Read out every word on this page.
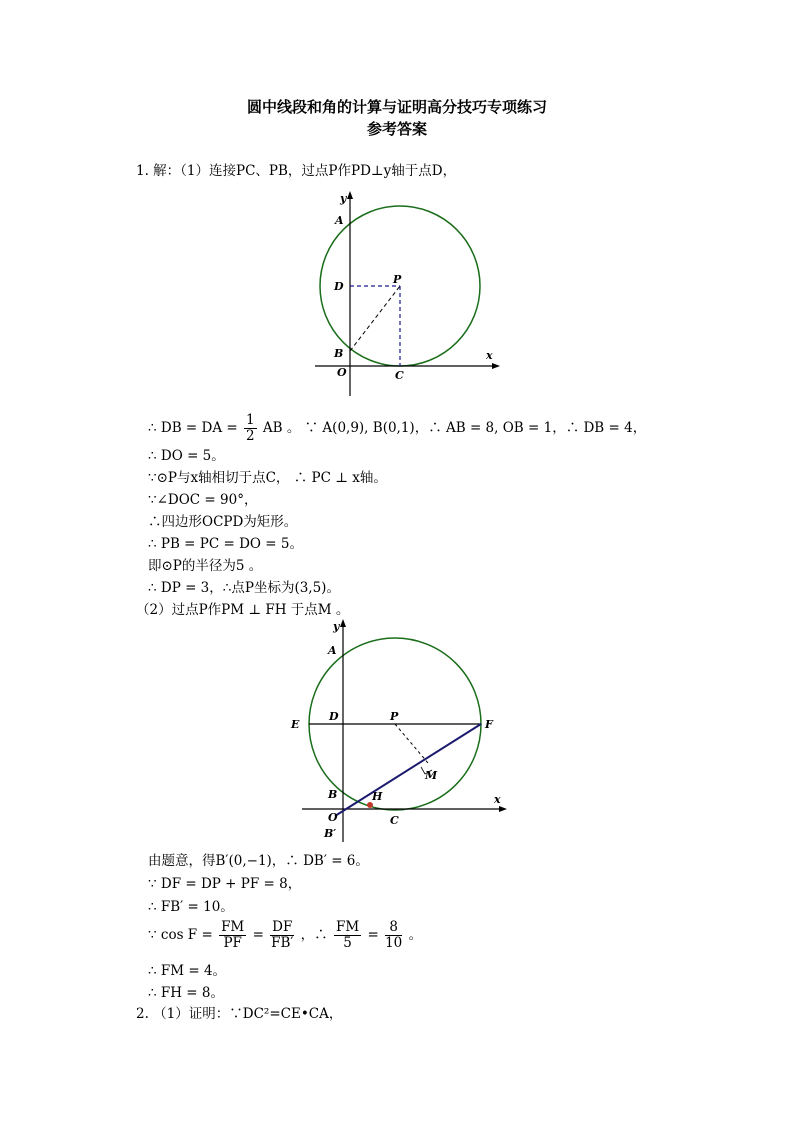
圆中线段和角的计算与证明高分技巧专项练习
参考答案
1. 解：（1）连接PC、PB，过点P作PD⊥y轴于点D，
y
x
A
D
P
B
O	C
∴ DB = DA = $\frac{1}{2}$ AB 。 ∵ A(0,9), B(0,1)，∴ AB = 8, OB = 1，∴ DB = 4，
∴ DO = 5。
∵⊙P与x轴相切于点C， ∴ PC ⊥ x轴。
∵∠DOC = 90°，
∴四边形OCPD为矩形。
∴ PB = PC = DO = 5。
即⊙P的半径为5 。
∴ DP = 3，∴点P坐标为(3,5)。
（2）过点P作PM ⊥ FH 于点M 。
y
x
A
D	P
E	F
M
B	H
O	C
B′
由题意，得B′(0,−1)，∴ DB′ = 6。
∵ DF = DP + PF = 8，
∴ FB′ = 10。
∵ $\cos F = \frac{FM}{PF} = \frac{DF}{FB'}$ ，∴ $\frac{FM}{5} = \frac{8}{10}$ 。
∴ FM = 4。
∴ FH = 8。
2. （1）证明：∵DC²=CE•CA，
